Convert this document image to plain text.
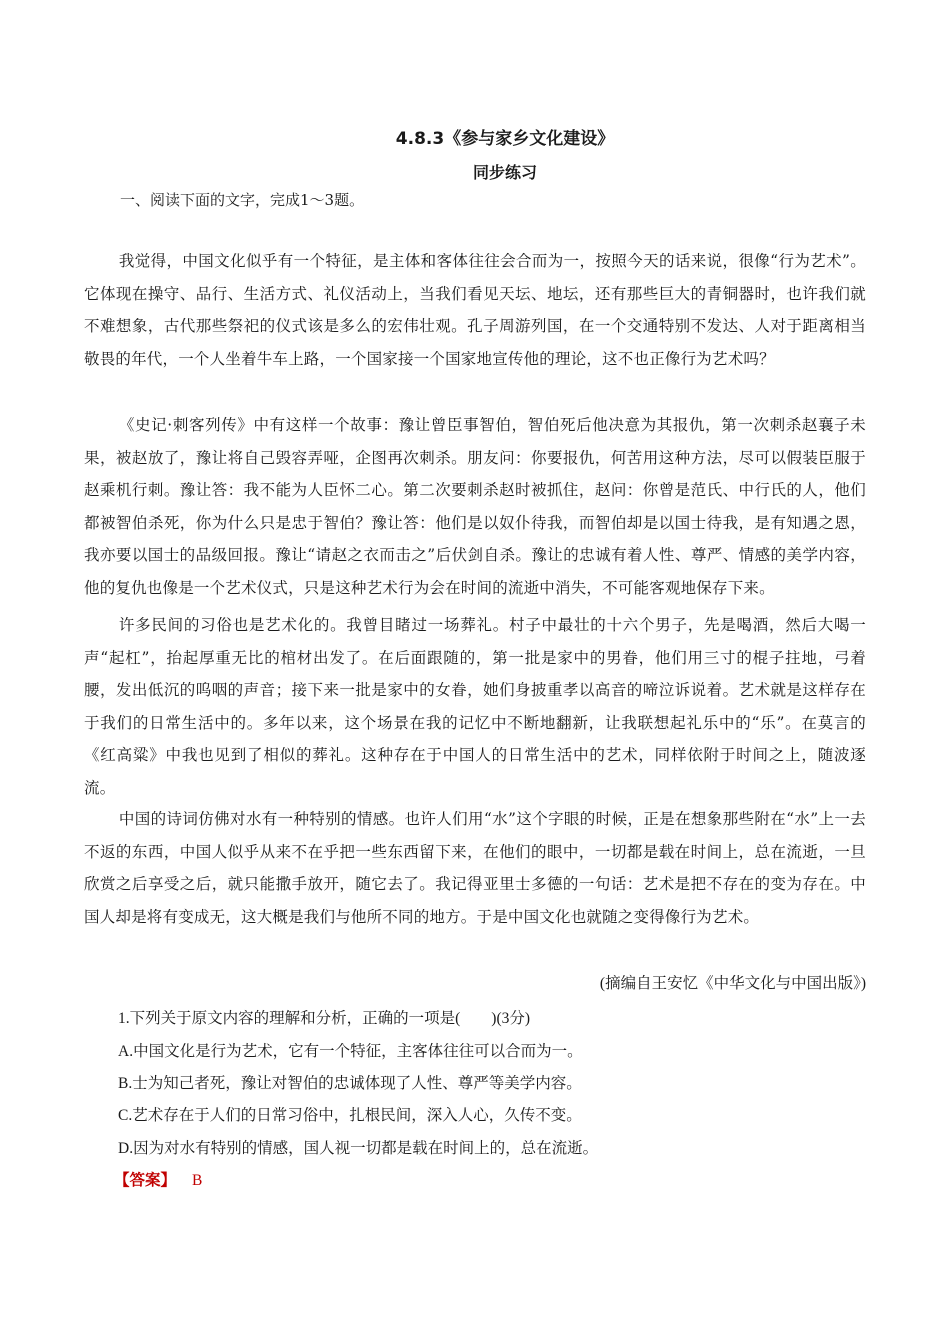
4.8.3《参与家乡文化建设》
同步练习
一、阅读下面的文字，完成1～3题。
我觉得，中国文化似乎有一个特征，是主体和客体往往会合而为一，按照今天的话来说，很像“行为艺术”。它体现在操守、品行、生活方式、礼仪活动上，当我们看见天坛、地坛，还有那些巨大的青铜器时，也许我们就不难想象，古代那些祭祀的仪式该是多么的宏伟壮观。孔子周游列国，在一个交通特别不发达、人对于距离相当敬畏的年代，一个人坐着牛车上路，一个国家接一个国家地宣传他的理论，这不也正像行为艺术吗？
《史记·刺客列传》中有这样一个故事：豫让曾臣事智伯，智伯死后他决意为其报仇，第一次刺杀赵襄子未果，被赵放了，豫让将自己毁容弄哑，企图再次刺杀。朋友问：你要报仇，何苦用这种方法，尽可以假装臣服于赵乘机行刺。豫让答：我不能为人臣怀二心。第二次要刺杀赵时被抓住，赵问：你曾是范氏、中行氏的人，他们都被智伯杀死，你为什么只是忠于智伯？豫让答：他们是以奴仆待我，而智伯却是以国士待我，是有知遇之恩，我亦要以国士的品级回报。豫让“请赵之衣而击之”后伏剑自杀。豫让的忠诚有着人性、尊严、情感的美学内容，他的复仇也像是一个艺术仪式，只是这种艺术行为会在时间的流逝中消失，不可能客观地保存下来。
许多民间的习俗也是艺术化的。我曾目睹过一场葬礼。村子中最壮的十六个男子，先是喝酒，然后大喝一声“起杠”，抬起厚重无比的棺材出发了。在后面跟随的，第一批是家中的男眷，他们用三寸的棍子拄地，弓着腰，发出低沉的呜咽的声音；接下来一批是家中的女眷，她们身披重孝以高音的啼泣诉说着。艺术就是这样存在于我们的日常生活中的。多年以来，这个场景在我的记忆中不断地翻新，让我联想起礼乐中的“乐”。在莫言的《红高粱》中我也见到了相似的葬礼。这种存在于中国人的日常生活中的艺术，同样依附于时间之上，随波逐流。
中国的诗词仿佛对水有一种特别的情感。也许人们用“水”这个字眼的时候，正是在想象那些附在“水”上一去不返的东西，中国人似乎从来不在乎把一些东西留下来，在他们的眼中，一切都是载在时间上，总在流逝，一旦欣赏之后享受之后，就只能撒手放开，随它去了。我记得亚里士多德的一句话：艺术是把不存在的变为存在。中国人却是将有变成无，这大概是我们与他所不同的地方。于是中国文化也就随之变得像行为艺术。
(摘编自王安忆《中华文化与中国出版》)
1.下列关于原文内容的理解和分析，正确的一项是(　　)(3分)
A.中国文化是行为艺术，它有一个特征，主客体往往可以合而为一。
B.士为知己者死，豫让对智伯的忠诚体现了人性、尊严等美学内容。
C.艺术存在于人们的日常习俗中，扎根民间，深入人心，久传不变。
D.因为对水有特别的情感，国人视一切都是载在时间上的，总在流逝。
【答案】 B
